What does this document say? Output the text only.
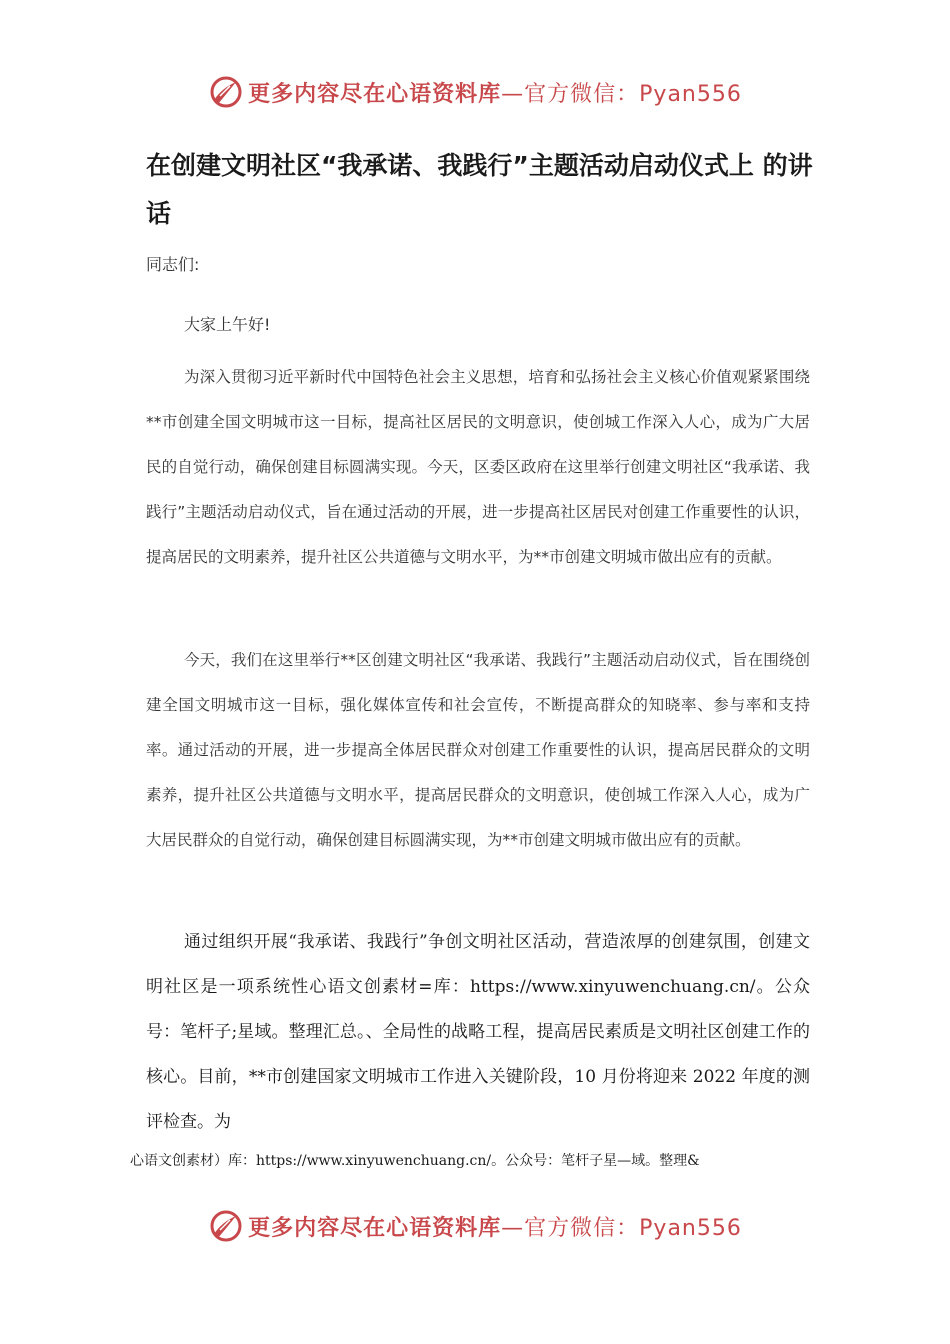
更多内容尽在心语资料库—官方微信：Pyan556
在创建文明社区“我承诺、我践行”主题活动启动仪式上 的讲话
同志们:
大家上午好!

为深入贯彻习近平新时代中国特色社会主义思想，培育和弘扬社会主义核心价值观紧紧围绕**市创建全国文明城市这一目标，提高社区居民的文明意识，使创城工作深入人心，成为广大居民的自觉行动，确保创建目标圆满实现。今天，区委区政府在这里举行创建文明社区“我承诺、我践行”主题活动启动仪式，旨在通过活动的开展，进一步提高社区居民对创建工作重要性的认识，提高居民的文明素养，提升社区公共道德与文明水平，为**市创建文明城市做出应有的贡献。

今天，我们在这里举行**区创建文明社区“我承诺、我践行”主题活动启动仪式，旨在围绕创建全国文明城市这一目标，强化媒体宣传和社会宣传，不断提高群众的知晓率、参与率和支持率。通过活动的开展，进一步提高全体居民群众对创建工作重要性的认识，提高居民群众的文明素养，提升社区公共道德与文明水平，提高居民群众的文明意识，使创城工作深入人心，成为广大居民群众的自觉行动，确保创建目标圆满实现，为**市创建文明城市做出应有的贡献。

通过组织开展“我承诺、我践行”争创文明社区活动，营造浓厚的创建氛围，创建文明社区是一项系统性心语文创素材=库：https://www.xinyuwenchuang.cn/。公众号：笔杆子;星域。整理汇总。、全局性的战略工程，提高居民素质是文明社区创建工作的核心。目前，**市创建国家文明城市工作进入关键阶段，10 月份将迎来 2022 年度的测评检查。为

心语文创素材）库：https://www.xinyuwenchuang.cn/。公众号：笔杆子星—域。整理&
更多内容尽在心语资料库—官方微信：Pyan556
